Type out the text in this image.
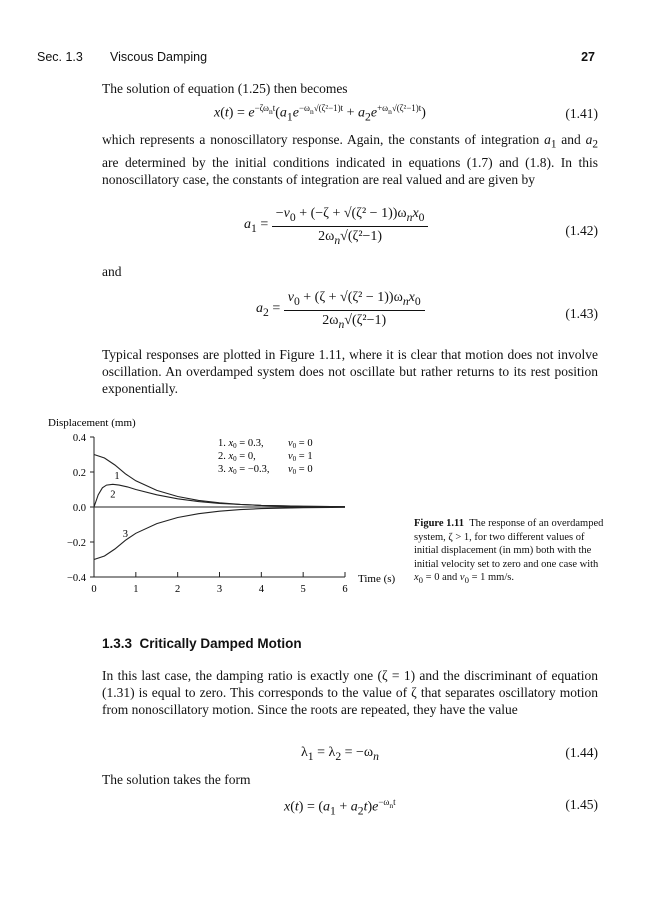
Sec. 1.3 Viscous Damping	27
The solution of equation (1.25) then becomes
$x(t) = e^{-\zeta\omega_nt}(a_1e^{-\omega_n√(\zeta^2-1)t} + a_2e^{+\omega_n√(\zeta^2-1)t})$	(1.41)
which represents a nonoscillatory response. Again, the constants of integration $a_1$ and $a_2$ are determined by the initial conditions indicated in equations (1.7) and (1.8). In this nonoscillatory case, the constants of integration are real valued and are given by
$a_1 = \frac{-v_0 + (-\zeta + √(\zeta^2 - 1))\omega_nx_0}{2\omega_n√(\zeta^2-1)}$	(1.42)
and
$a_2 = \frac{v_0 + (\zeta + √(\zeta^2 - 1))\omega_nx_0}{2\omega_n√(\zeta^2-1)}$	(1.43)
Typical responses are plotted in Figure 1.11, where it is clear that motion does not involve oscillation. An overdamped system does not oscillate but rather returns to its rest position exponentially.
Displacement (mm)
0.4
0.2
0.0
−0.2
−0.4
0	1	2	3	4	5	6
1
2
3
Time (s)
1. x0 = 0.3, v0 = 0
2. x0 = 0,	v0 = 1
3. x0 = −0.3, v0 = 0
Figure 1.11  The response of an overdamped system, ζ > 1, for two different values of initial displacement (in mm) both with the initial velocity set to zero and one case with $x_0 = 0$ and $v_0 = 1$ mm/s.
1.3.3 Critically Damped Motion
In this last case, the damping ratio is exactly one (ζ = 1) and the discriminant of equation (1.31) is equal to zero. This corresponds to the value of ζ that separates oscillatory motion from nonoscillatory motion. Since the roots are repeated, they have the value
$\lambda_1 = \lambda_2 = -\omega_n$	(1.44)
The solution takes the form
$x(t) = (a_1 + a_2t)e^{-\omega_nt}$	(1.45)
